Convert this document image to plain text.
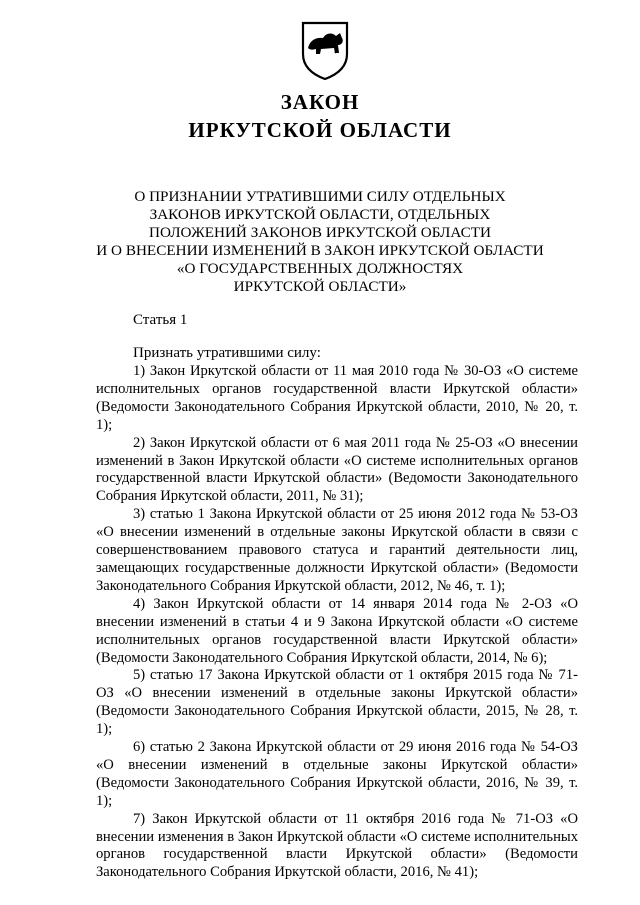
ЗАКОН
ИРКУТСКОЙ ОБЛАСТИ
О ПРИЗНАНИИ УТРАТИВШИМИ СИЛУ ОТДЕЛЬНЫХ
ЗАКОНОВ ИРКУТСКОЙ ОБЛАСТИ, ОТДЕЛЬНЫХ
ПОЛОЖЕНИЙ ЗАКОНОВ ИРКУТСКОЙ ОБЛАСТИ
И О ВНЕСЕНИИ ИЗМЕНЕНИЙ В ЗАКОН ИРКУТСКОЙ ОБЛАСТИ
«О ГОСУДАРСТВЕННЫХ ДОЛЖНОСТЯХ
ИРКУТСКОЙ ОБЛАСТИ»
Статья 1
Признать утратившими силу:

1) Закон Иркутской области от 11 мая 2010 года № 30-ОЗ «О системе исполнительных органов государственной власти Иркутской области» (Ведомости Законодательного Собрания Иркутской области, 2010, № 20, т. 1);

2) Закон Иркутской области от 6 мая 2011 года № 25-ОЗ «О внесении изменений в Закон Иркутской области «О системе исполнительных органов государственной власти Иркутской области» (Ведомости Законодательного Собрания Иркутской области, 2011, № 31);

3) статью 1 Закона Иркутской области от 25 июня 2012 года № 53-ОЗ «О внесении изменений в отдельные законы Иркутской области в связи с совершенствованием правового статуса и гарантий деятельности лиц, замещающих государственные должности Иркутской области» (Ведомости Законодательного Собрания Иркутской области, 2012, № 46, т. 1);

4) Закон Иркутской области от 14 января 2014 года № 2-ОЗ «О внесении изменений в статьи 4 и 9 Закона Иркутской области «О системе исполнительных органов государственной власти Иркутской области» (Ведомости Законодательного Собрания Иркутской области, 2014, № 6);

5) статью 17 Закона Иркутской области от 1 октября 2015 года № 71-ОЗ «О внесении изменений в отдельные законы Иркутской области» (Ведомости Законодательного Собрания Иркутской области, 2015, № 28, т. 1);

6) статью 2 Закона Иркутской области от 29 июня 2016 года № 54-ОЗ «О внесении изменений в отдельные законы Иркутской области» (Ведомости Законодательного Собрания Иркутской области, 2016, № 39, т. 1);

7) Закон Иркутской области от 11 октября 2016 года № 71-ОЗ «О внесении изменения в Закон Иркутской области «О системе исполнительных органов государственной власти Иркутской области» (Ведомости Законодательного Собрания Иркутской области, 2016, № 41);
